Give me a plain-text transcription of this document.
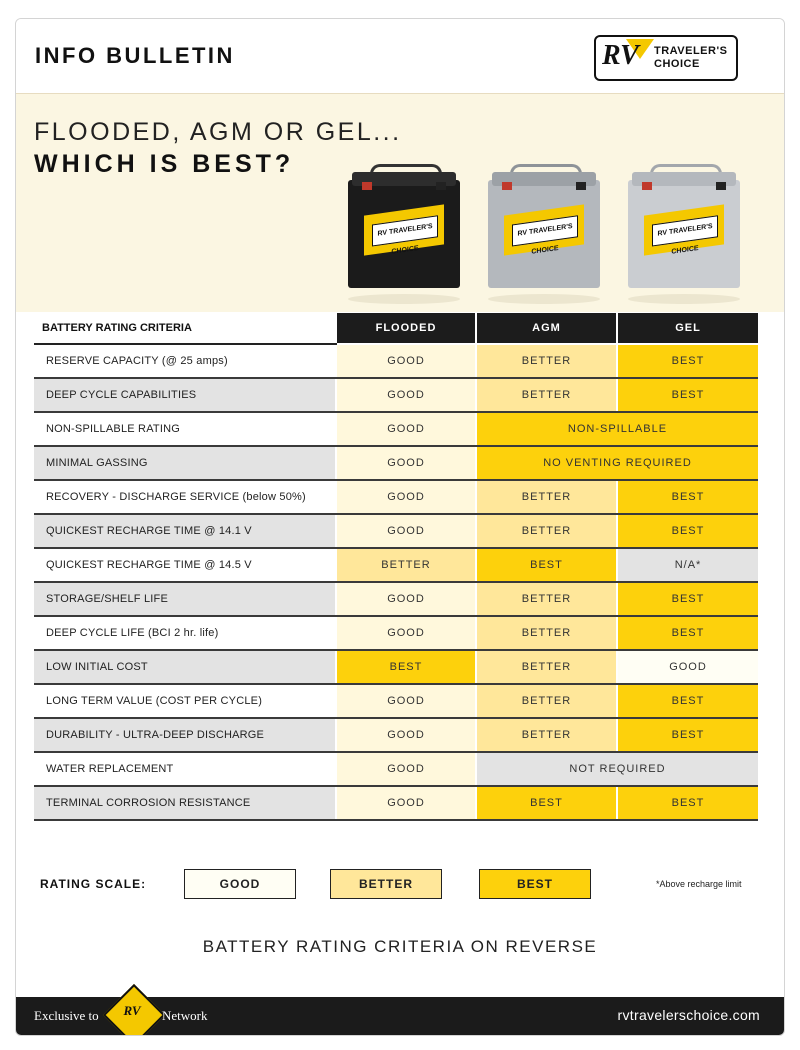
INFO BULLETIN	RV TRAVELER'S
CHOICE
FLOODED, AGM OR GEL...
WHICH IS BEST?
RV TRAVELER'S CHOICE
RV TRAVELER'S CHOICE
RV TRAVELER'S CHOICE
BATTERY RATING CRITERIA	FLOODED	AGM	GEL
RESERVE CAPACITY (@ 25 amps)	GOOD	BETTER	BEST
DEEP CYCLE CAPABILITIES	GOOD	BETTER	BEST
NON-SPILLABLE RATING	GOOD	NON-SPILLABLE	
MINIMAL GASSING	GOOD	NO VENTING REQUIRED	
RECOVERY - DISCHARGE SERVICE (below 50%)	GOOD	BETTER	BEST
QUICKEST RECHARGE TIME @ 14.1 V	GOOD	BETTER	BEST
QUICKEST RECHARGE TIME @ 14.5 V	BETTER	BEST	N/A*
STORAGE/SHELF LIFE	GOOD	BETTER	BEST
DEEP CYCLE LIFE (BCI 2 hr. life)	GOOD	BETTER	BEST
LOW INITIAL COST	BEST	BETTER	GOOD
LONG TERM VALUE (COST PER CYCLE)	GOOD	BETTER	BEST
DURABILITY - ULTRA-DEEP DISCHARGE	GOOD	BETTER	BEST
WATER REPLACEMENT	GOOD	NOT REQUIRED	
TERMINAL CORROSION RESISTANCE	GOOD	BEST	BEST
RATING SCALE:	GOOD	BETTER	BEST	*Above recharge limit
BATTERY RATING CRITERIA ON REVERSE
Exclusive to	RV	Network	rvtravelerschoice.com
